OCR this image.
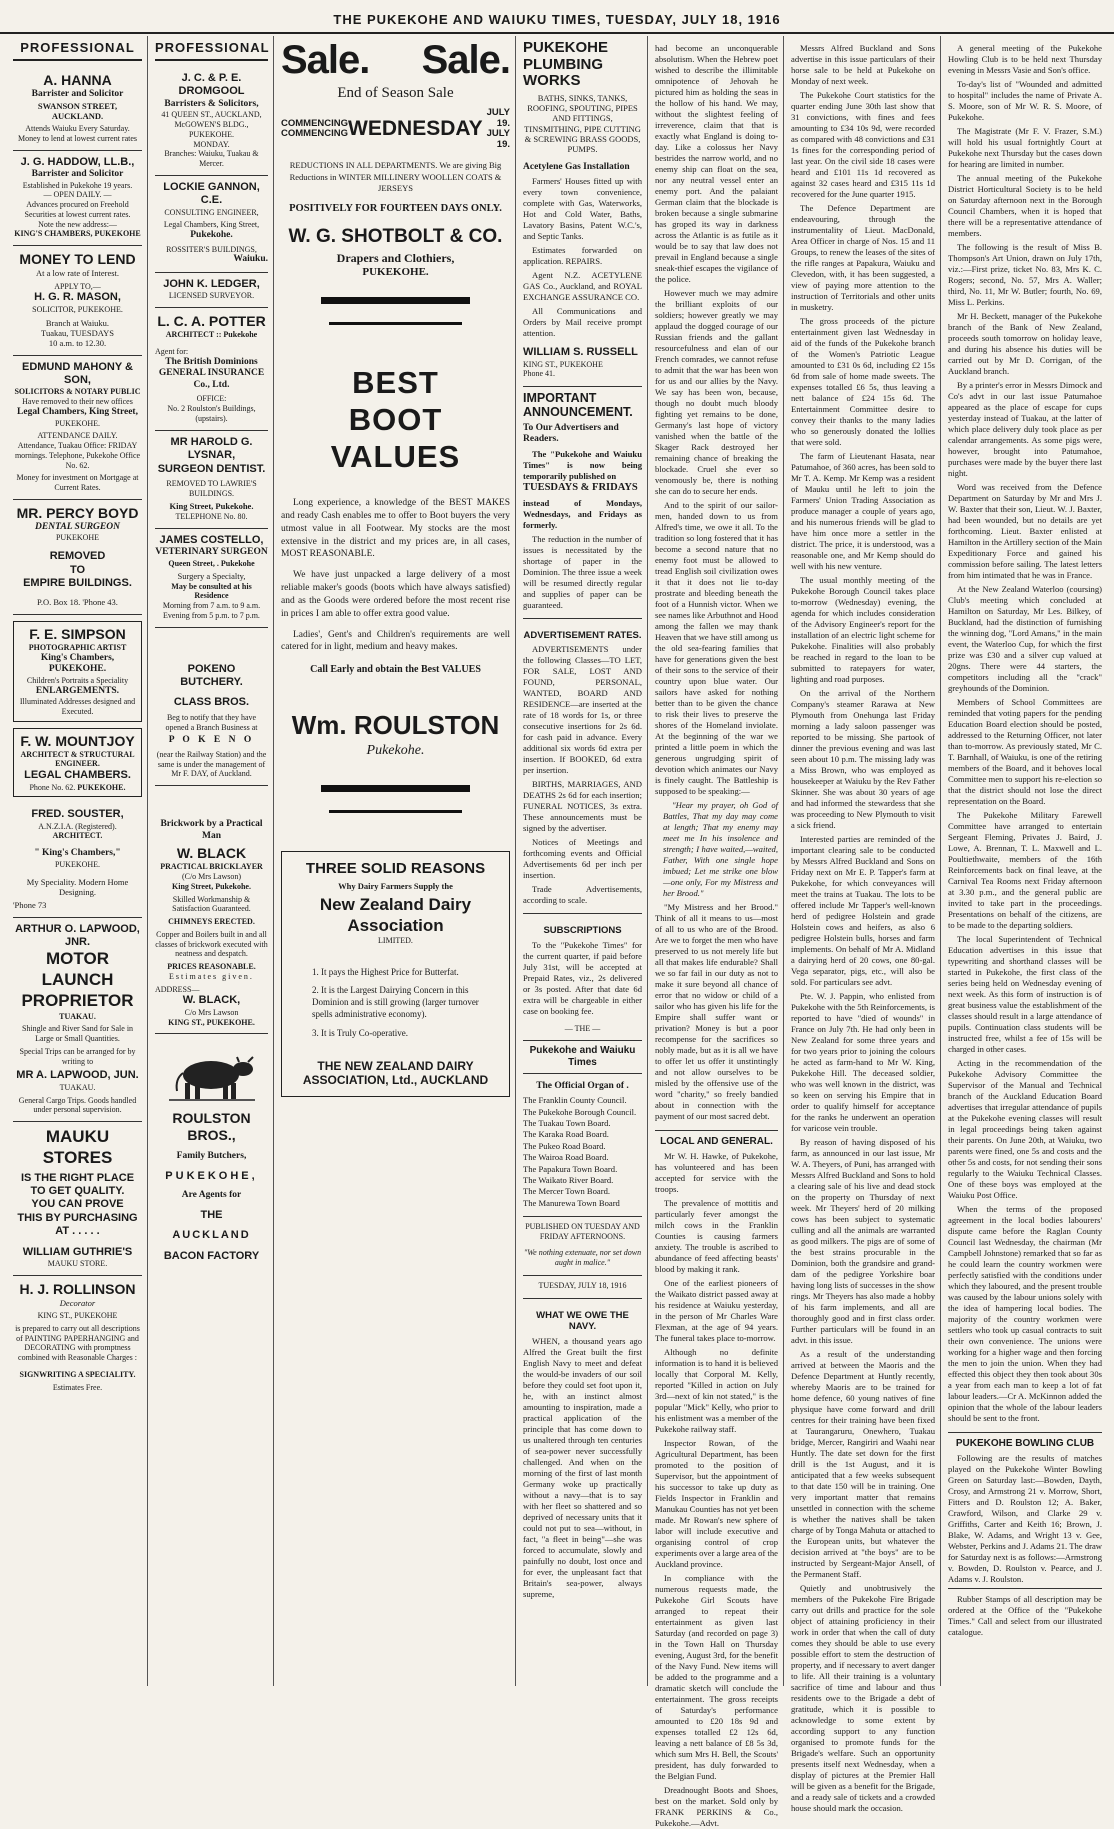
THE PUKEKOHE AND WAIUKU TIMES, TUESDAY, JULY 18, 1916
PROFESSIONAL
A. HANNA
Barrister and Solicitor
SWANSON STREET, AUCKLAND.
Attends Waiuku Every Saturday. Money to lend at lowest current rates
J. G. HADDOW, LL.B.,
Barrister and Solicitor
Established in Pukekohe 19 years.
— OPEN DAILY. —
Advances procured on Freehold Securities at lowest current rates.
Note the new address:—
KING'S CHAMBERS, PUKEKOHE
MONEY TO LEND
At a low rate of Interest.
APPLY TO,—
H. G. R. MASON,
SOLICITOR, PUKEKOHE.
Branch at Waiuku.
Tuakau, TUESDAYS
10 a.m. to 12.30.
EDMUND MAHONY & SON,
SOLICITORS & NOTARY PUBLIC
Have removed to their new offices
Legal Chambers, King Street,
PUKEKOHE.
ATTENDANCE DAILY.
Attendance, Tuakau Office: FRIDAY mornings. Telephone, Pukekohe Office No. 62.
Money for investment on Mortgage at Current Rates.
MR. PERCY BOYD
DENTAL SURGEON
PUKEKOHE
REMOVED
TO
EMPIRE BUILDINGS.
P.O. Box 18. 'Phone 43.
F. E. SIMPSON
PHOTOGRAPHIC ARTIST
King's Chambers,
PUKEKOHE.
Children's Portraits a Speciality
ENLARGEMENTS.
Illuminated Addresses designed and Executed.
F. W. MOUNTJOY
ARCHITECT & STRUCTURAL ENGINEER.
LEGAL CHAMBERS.
Phone No. 62. PUKEKOHE.
FRED. SOUSTER,
A.N.Z.I.A. (Registered).
ARCHITECT.
" King's Chambers,"
PUKEKOHE.
My Speciality. Modern Home Designing.
'Phone 73
ARTHUR O. LAPWOOD, JNR.
MOTOR LAUNCH PROPRIETOR
TUAKAU.
Shingle and River Sand for Sale in Large or Small Quantities.
Special Trips can be arranged for by writing to
MR A. LAPWOOD, JUN.
TUAKAU.
General Cargo Trips. Goods handled under personal supervision.
MAUKU STORES
IS THE RIGHT PLACE
TO GET QUALITY.
YOU CAN PROVE
THIS BY PURCHASING AT . . . . .
WILLIAM GUTHRIE'S
MAUKU STORE.
H. J. ROLLINSON
Decorator
KING ST., PUKEKOHE
is prepared to carry out all descriptions of PAINTING PAPERHANGING and DECORATING with promptness combined with Reasonable Charges :
SIGNWRITING A SPECIALITY.
Estimates Free.
PROFESSIONAL
J. C. & P. E. DROMGOOL
Barristers & Solicitors,
41 QUEEN ST., AUCKLAND,
McGOWEN'S BLDG., PUKEKOHE.
MONDAY.
Branches: Waiuku, Tuakau & Mercer.
LOCKIE GANNON, C.E.
CONSULTING ENGINEER,
Legal Chambers, King Street,
Pukekohe.
ROSSITER'S BUILDINGS,
Waiuku.
JOHN K. LEDGER,
LICENSED SURVEYOR.
L. C. A. POTTER
ARCHITECT :: Pukekohe
Agent for:
The British Dominions GENERAL INSURANCE Co., Ltd.
OFFICE:
No. 2 Roulston's Buildings, (upstairs).
MR HAROLD G. LYSNAR,
SURGEON DENTIST.
REMOVED TO LAWRIE'S BUILDINGS.
King Street, Pukekohe.
TELEPHONE No. 80.
JAMES COSTELLO,
VETERINARY SURGEON
Queen Street, . Pukekohe
Surgery a Specialty,
May be consulted at his Residence
Morning from 7 a.m. to 9 a.m.
Evening from 5 p.m. to 7 p.m.
POKENO BUTCHERY.
CLASS BROS.
Beg to notify that they have opened a Branch Business at
P O K E N O
(near the Railway Station) and the same is under the management of Mr F. DAY, of Auckland.
Brickwork by a Practical Man
W. BLACK
PRACTICAL BRICKLAYER
(C/o Mrs Lawson)
King Street, Pukekohe.
Skilled Workmanship & Satisfaction Guaranteed.
CHIMNEYS ERECTED.
Copper and Boilers built in and all classes of brickwork executed with neatness and despatch.
PRICES REASONABLE.
Estimates given.
ADDRESS—
W. BLACK,
C/o Mrs Lawson
KING ST., PUKEKOHE.
ROULSTON BROS.,
Family Butchers,
PUKEKOHE,
Are Agents for
THE
AUCKLAND
BACON FACTORY
Sale. Sale.
End of Season Sale
COMMENCING
COMMENCING WEDNESDAY
JULY 19.
JULY 19.
REDUCTIONS IN ALL DEPARTMENTS. We are giving Big Reductions in WINTER MILLINERY WOOLLEN COATS & JERSEYS
POSITIVELY FOR FOURTEEN DAYS ONLY.
W. G. SHOTBOLT & CO.
Drapers and Clothiers,
PUKEKOHE.
BEST
BOOT
VALUES
Long experience, a knowledge of the BEST MAKES and ready Cash enables me to offer to Boot buyers the very utmost value in all Footwear. My stocks are the most extensive in the district and my prices are, in all cases, MOST REASONABLE.
We have just unpacked a large delivery of a most reliable maker's goods (boots which have always satisfied) and as the Goods were ordered before the most recent rise in prices I am able to offer extra good value.
Ladies', Gent's and Children's requirements are well catered for in light, medium and heavy makes.
Call Early and obtain the Best VALUES
Wm. ROULSTON
Pukekohe.
THREE SOLID REASONS
Why Dairy Farmers Supply the
New Zealand Dairy Association
LIMITED.
1. It pays the Highest Price for Butterfat.
2. It is the Largest Dairying Concern in this Dominion and is still growing (larger turnover spells administrative economy).
3. It is Truly Co-operative.
THE NEW ZEALAND DAIRY ASSOCIATION, Ltd., AUCKLAND
PUKEKOHE PLUMBING WORKS
BATHS, SINKS, TANKS, ROOFING, SPOUTING, PIPES AND FITTINGS, TINSMITHING, PIPE CUTTING & SCREWING BRASS GOODS, PUMPS.
Acetylene Gas Installation
Farmers' Houses fitted up with every town convenience, complete with Gas, Waterworks, Hot and Cold Water, Baths, Lavatory Basins, Patent W.C.'s, and Septic Tanks.
Estimates forwarded on application. REPAIRS.
Agent N.Z. ACETYLENE GAS Co., Auckland, and ROYAL EXCHANGE ASSURANCE CO.
All Communications and Orders by Mail receive prompt attention.
WILLIAM S. RUSSELL
KING ST., PUKEKOHE
Phone 41.
IMPORTANT ANNOUNCEMENT.
To Our Advertisers and Readers.
The "Pukekohe and Waiuku Times" is now being temporarily published on
TUESDAYS & FRIDAYS
instead of Mondays, Wednesdays, and Fridays as formerly.
The reduction in the number of issues is necessitated by the shortage of paper in the Dominion. The three issue a week will be resumed directly regular and supplies of paper can be guaranteed.
ADVERTISEMENT RATES.
ADVERTISEMENTS under the following Classes—TO LET, FOR SALE, LOST AND FOUND, PERSONAL, WANTED, BOARD AND RESIDENCE—are inserted at the rate of 18 words for 1s, or three consecutive insertions for 2s 6d. for cash paid in advance. Every additional six words 6d extra per insertion. If BOOKED, 6d extra per insertion.
BIRTHS, MARRIAGES, AND DEATHS 2s 6d for each insertion; FUNERAL NOTICES, 3s extra. These announcements must be signed by the advertiser.
Notices of Meetings and forthcoming events and Official Advertisements 6d per inch per insertion.
Trade Advertisements, according to scale.
SUBSCRIPTIONS
To the "Pukekohe Times" for the current quarter, if paid before July 31st, will be accepted at Prepaid Rates, viz., 2s delivered or 3s posted. After that date 6d extra will be chargeable in either case on booking fee.
— THE —
Pukekohe and Waiuku Times
The Official Organ of .
The Franklin County Council.
The Pukekohe Borough Council.
The Tuakau Town Board.
The Karaka Road Board.
The Pukeo Road Board.
The Wairoa Road Board.
The Papakura Town Board.
The Waikato River Board.
The Mercer Town Board.
The Manurewa Town Board
PUBLISHED ON TUESDAY AND FRIDAY AFTERNOONS.
"We nothing extenuate, nor set down aught in malice."
TUESDAY, JULY 18, 1916
WHAT WE OWE THE NAVY.
WHEN, a thousand years ago Alfred the Great built the first English Navy to meet and defeat the would-be invaders of our soil before they could set foot upon it, he, with an instinct almost amounting to inspiration, made a practical application of the principle that has come down to us unaltered through ten centuries of sea-power never successfully challenged. And when on the morning of the first of last month Germany woke up practically without a navy—that is to say with her fleet so shattered and so deprived of necessary units that it could not put to sea—without, in fact, "a fleet in being"—she was forced to accumulate, slowly and painfully no doubt, lost once and for ever, the unpleasant fact that Britain's sea-power, always supreme,
had become an unconquerable absolutism. When the Hebrew poet wished to describe the illimitable omnipotence of Jehovah he pictured him as holding the seas in the hollow of his hand. We may, without the slightest feeling of irreverence, claim that that is exactly what England is doing to-day. Like a colossus her Navy bestrides the narrow world, and no enemy ship can float on the sea, nor any neutral vessel enter an enemy port. And the palaiant German claim that the blockade is broken because a single submarine has groped its way in darkness across the Atlantic is as futile as it would be to say that law does not prevail in England because a single sneak-thief escapes the vigilance of the police.
However much we may admire the brilliant exploits of our soldiers; however greatly we may applaud the dogged courage of our Russian friends and the gallant resourcefulness and elan of our French comrades, we cannot refuse to admit that the war has been won for us and our allies by the Navy. We say has been won, because, though no doubt much bloody fighting yet remains to be done, Germany's last hope of victory vanished when the battle of the Skager Rack destroyed her remaining chance of breaking the blockade. Cruel she ever so venomously be, there is nothing she can do to secure her ends.
And to the spirit of our sailor-men, handed down to us from Alfred's time, we owe it all. To the tradition so long fostered that it has become a second nature that no enemy foot must be allowed to tread English soil civilization owes it that it does not lie to-day prostrate and bleeding beneath the foot of a Hunnish victor. When we see names like Arbuthnot and Hood among the fallen we may thank Heaven that we have still among us the old sea-fearing families that have for generations given the best of their sons to the service of their country upon blue water. Our sailors have asked for nothing better than to be given the chance to risk their lives to preserve the shores of the Homeland inviolate. At the beginning of the war we printed a little poem in which the generous ungrudging spirit of devotion which animates our Navy is finely caught. The Battleship is supposed to be speaking:—
"Hear my prayer, oh God of Battles, That my day may come at length; That my enemy may meet me In his insolence and strength; I have waited,—waited, Father, With one single hope imbued; Let me strike one blow—one only, For my Mistress and her Brood."
"My Mistress and her Brood." Think of all it means to us—most of all to us who are of the Brood. Are we to forget the men who have preserved to us not merely life but all that makes life endurable? Shall we so far fail in our duty as not to make it sure beyond all chance of error that no widow or child of a sailor who has given his life for the Empire shall suffer want or privation? Money is but a poor recompense for the sacrifices so nobly made, but as it is all we have to offer let us offer it unstintingly and not allow ourselves to be misled by the offensive use of the word "charity," so freely bandied about in connection with the payment of our most sacred debt.
LOCAL AND GENERAL.
Mr W. H. Hawke, of Pukekohe, has volunteered and has been accepted for service with the troops.
The prevalence of mottitis and particularly fever amongst the milch cows in the Franklin Counties is causing farmers anxiety. The trouble is ascribed to abundance of feed affecting beasts' blood by making it rank.
One of the earliest pioneers of the Waikato district passed away at his residence at Waiuku yesterday, in the person of Mr Charles Ware Flexman, at the age of 94 years. The funeral takes place to-morrow.
Although no definite information is to hand it is believed locally that Corporal M. Kelly, reported "Killed in action on July 3rd—next of kin not stated," is the popular "Mick" Kelly, who prior to his enlistment was a member of the Pukekohe railway staff.
Inspector Rowan, of the Agricultural Department, has been promoted to the position of Supervisor, but the appointment of his successor to take up duty as Fields Inspector in Franklin and Manukau Counties has not yet been made. Mr Rowan's new sphere of labor will include executive and organising control of crop experiments over a large area of the Auckland province.
In compliance with the numerous requests made, the Pukekohe Girl Scouts have arranged to repeat their entertainment as given last Saturday (and recorded on page 3) in the Town Hall on Thursday evening, August 3rd, for the benefit of the Navy Fund. New items will be added to the programme and a dramatic sketch will conclude the entertainment. The gross receipts of Saturday's performance amounted to £20 18s 9d and expenses totalled £2 12s 6d, leaving a nett balance of £8 5s 3d, which sum Mrs H. Bell, the Scouts' president, has duly forwarded to the Belgian Fund.
Dreadnought Boots and Shoes, best on the market. Sold only by FRANK PERKINS & Co., Pukekohe.—Advt.
Messrs Alfred Buckland and Sons advertise in this issue particulars of their horse sale to be held at Pukekohe on Monday of next week.
The Pukekohe Court statistics for the quarter ending June 30th last show that 31 convictions, with fines and fees amounting to £34 10s 9d, were recorded as compared with 48 convictions and £31 1s fines for the corresponding period of last year. On the civil side 18 cases were heard and £101 11s 1d recovered as against 32 cases heard and £315 11s 1d recovered for the June quarter 1915.
The Defence Department are endeavouring, through the instrumentality of Lieut. MacDonald, Area Officer in charge of Nos. 15 and 11 Groups, to renew the leases of the sites of the rifle ranges at Papakura, Waiuku and Clevedon, with, it has been suggested, a view of paying more attention to the instruction of Territorials and other units in musketry.
The gross proceeds of the picture entertainment given last Wednesday in aid of the funds of the Pukekohe branch of the Women's Patriotic League amounted to £31 0s 6d, including £2 15s 6d from sale of home made sweets. The expenses totalled £6 5s, thus leaving a nett balance of £24 15s 6d. The Entertainment Committee desire to convey their thanks to the many ladies who so generously donated the lollies that were sold.
The farm of Lieutenant Hasata, near Patumahoe, of 360 acres, has been sold to Mr T. A. Kemp. Mr Kemp was a resident of Mauku until he left to join the Farmers' Union Trading Association as produce manager a couple of years ago, and his numerous friends will be glad to have him once more a settler in the district. The price, it is understood, was a reasonable one, and Mr Kemp should do well with his new venture.
The usual monthly meeting of the Pukekohe Borough Council takes place to-morrow (Wednesday) evening, the agenda for which includes consideration of the Advisory Engineer's report for the installation of an electric light scheme for Pukekohe. Finalities will also probably be reached in regard to the loan to be submitted to ratepayers for water, lighting and road purposes.
On the arrival of the Northern Company's steamer Rarawa at New Plymouth from Onehunga last Friday morning a lady saloon passenger was reported to be missing. She partook of dinner the previous evening and was last seen about 10 p.m. The missing lady was a Miss Brown, who was employed as housekeeper at Waiuku by the Rev Father Skinner. She was about 30 years of age and had informed the stewardess that she was proceeding to New Plymouth to visit a sick friend.
Interested parties are reminded of the important clearing sale to be conducted by Messrs Alfred Buckland and Sons on Friday next on Mr E. P. Tapper's farm at Pukekohe, for which conveyances will meet the trains at Tuakau. The lots to be offered include Mr Tapper's well-known herd of pedigree Holstein and grade Holstein cows and heifers, as also 6 pedigree Holstein bulls, horses and farm implements. On behalf of Mr A. Midland a dairying herd of 20 cows, one 80-gal. Vega separator, pigs, etc., will also be sold. For particulars see advt.
Pte. W. J. Pappin, who enlisted from Pukekohe with the 5th Reinforcements, is reported to have "died of wounds" in France on July 7th. He had only been in New Zealand for some three years and for two years prior to joining the colours he acted as farm-hand to Mr W. King, Pukekohe Hill. The deceased soldier, who was well known in the district, was so keen on serving his Empire that in order to qualify himself for acceptance for the ranks he underwent an operation for varicose vein trouble.
By reason of having disposed of his farm, as announced in our last issue, Mr W. A. Theyers, of Puni, has arranged with Messrs Alfred Buckland and Sons to hold a clearing sale of his live and dead stock on the property on Thursday of next week. Mr Theyers' herd of 20 milking cows has been subject to systematic culling and all the animals are warranted as good milkers. The pigs are of some of the best strains procurable in the Dominion, both the grandsire and grand-dam of the pedigree Yorkshire boar having long lists of successes in the show rings. Mr Theyers has also made a hobby of his farm implements, and all are thoroughly good and in first class order. Further particulars will be found in an advt. in this issue.
As a result of the understanding arrived at between the Maoris and the Defence Department at Huntly recently, whereby Maoris are to be trained for home defence, 60 young natives of fine physique have come forward and drill centres for their training have been fixed at Taurangaruru, Onewhero, Tuakau bridge, Mercer, Rangiriri and Waahi near Huntly. The date set down for the first drill is the 1st August, and it is anticipated that a few weeks subsequent to that date 150 will be in training. One very important matter that remains unsettled in connection with the scheme is whether the natives shall be taken charge of by Tonga Mahuta or attached to the European units, but whatever the decision arrived at "the boys" are to be instructed by Sergeant-Major Ansell, of the Permanent Staff.
Quietly and unobtrusively the members of the Pukekohe Fire Brigade carry out drills and practice for the sole object of attaining proficiency in their work in order that when the call of duty comes they should be able to use every possible effort to stem the destruction of property, and if necessary to avert danger to life. All their training is a voluntary sacrifice of time and labour and thus residents owe to the Brigade a debt of gratitude, which it is possible to acknowledge to some extent by according support to any function organised to promote funds for the Brigade's welfare. Such an opportunity presents itself next Wednesday, when a display of pictures at the Premier Hall will be given as a benefit for the Brigade, and a ready sale of tickets and a crowded house should mark the occasion.
A general meeting of the Pukekohe Howling Club is to be held next Thursday evening in Messrs Vasie and Son's office.
To-day's list of "Wounded and admitted to hospital" includes the name of Private A. S. Moore, son of Mr W. R. S. Moore, of Pukekohe.
The Magistrate (Mr F. V. Frazer, S.M.) will hold his usual fortnightly Court at Pukekohe next Thursday but the cases down for hearing are limited in number.
The annual meeting of the Pukekohe District Horticultural Society is to be held on Saturday afternoon next in the Borough Council Chambers, when it is hoped that there will be a representative attendance of members.
The following is the result of Miss B. Thompson's Art Union, drawn on July 17th, viz.:—First prize, ticket No. 83, Mrs K. C. Rogers; second, No. 57, Mrs A. Waller; third, No. 11, Mr W. Butler; fourth, No. 69, Miss L. Perkins.
Mr H. Beckett, manager of the Pukekohe branch of the Bank of New Zealand, proceeds south tomorrow on holiday leave, and during his absence his duties will be carried out by Mr D. Corrigan, of the Auckland branch.
By a printer's error in Messrs Dimock and Co's advt in our last issue Patumahoe appeared as the place of escape for cups yesterday instead of Tuakau, at the latter of which place delivery duly took place as per calendar arrangements. As some pigs were, however, brought into Patumahoe, purchases were made by the buyer there last night.
Word was received from the Defence Department on Saturday by Mr and Mrs J. W. Baxter that their son, Lieut. W. J. Baxter, had been wounded, but no details are yet forthcoming. Lieut. Baxter enlisted at Hamilton in the Artillery section of the Main Expeditionary Force and gained his commission before sailing. The latest letters from him intimated that he was in France.
At the New Zealand Waterloo (coursing) Club's meeting which concluded at Hamilton on Saturday, Mr Les. Bilkey, of Buckland, had the distinction of furnishing the winning dog, "Lord Amans," in the main event, the Waterloo Cup, for which the first prize was £30 and a silver cup valued at 20gns. There were 44 starters, the competitors including all the "crack" greyhounds of the Dominion.
Members of School Committees are reminded that voting papers for the pending Education Board election should be posted, addressed to the Returning Officer, not later than to-morrow. As previously stated, Mr C. T. Barnhall, of Waiuku, is one of the retiring members of the Board, and it behoves local Committee men to support his re-election so that the district should not lose the direct representation on the Board.
The Pukekohe Military Farewell Committee have arranged to entertain Sergeant Fleming, Privates J. Baird, J. Lowe, A. Brennan, T. L. Maxwell and L. Poultiethwaite, members of the 16th Reinforcements back on final leave, at the Carnival Tea Rooms next Friday afternoon at 3.30 p.m., and the general public are invited to take part in the proceedings. Presentations on behalf of the citizens, are to be made to the departing soldiers.
The local Superintendent of Technical Education advertises in this issue that typewriting and shorthand classes will be started in Pukekohe, the first class of the series being held on Wednesday evening of next week. As this form of instruction is of great business value the establishment of the classes should result in a large attendance of pupils. Continuation class students will be instructed free, whilst a fee of 15s will be charged in other cases.
Acting in the recommendation of the Pukekohe Advisory Committee the Supervisor of the Manual and Technical branch of the Auckland Education Board advertises that irregular attendance of pupils at the Pukekohe evening classes will result in legal proceedings being taken against their parents. On June 20th, at Waiuku, two parents were fined, one 5s and costs and the other 5s and costs, for not sending their sons regularly to the Waiuku Technical Classes. One of these boys was employed at the Waiuku Post Office.
When the terms of the proposed agreement in the local bodies labourers' dispute came before the Raglan County Council last Wednesday, the chairman (Mr Campbell Johnstone) remarked that so far as he could learn the country workmen were perfectly satisfied with the conditions under which they laboured, and the present trouble was caused by the labour unions solely with the idea of hampering local bodies. The majority of the country workmen were settlers who took up casual contracts to suit their own convenience. The unions were working for a higher wage and then forcing the men to join the union. When they had effected this object they then took about 30s a year from each man to keep a lot of fat labour leaders.—Cr A. McKinnon added the opinion that the whole of the labour leaders should be sent to the front.
PUKEKOHE BOWLING CLUB
Following are the results of matches played on the Pukekohe Winter Bowling Green on Saturday last:—Bowden, Dayth, Crosy, and Armstrong 21 v. Morrow, Short, Fitters and D. Roulston 12; A. Baker, Crawford, Wilson, and Clarke 29 v. Griffiths, Carter and Keith 16; Brown, J. Blake, W. Adams, and Wright 13 v. Gee, Webster, Perkins and J. Adams 21. The draw for Saturday next is as follows:—Armstrong v. Bowden, D. Roulston v. Pearce, and J. Adams v. J. Roulston.
Rubber Stamps of all description may be ordered at the Office of the "Pukekohe Times." Call and select from our illustrated catalogue.
